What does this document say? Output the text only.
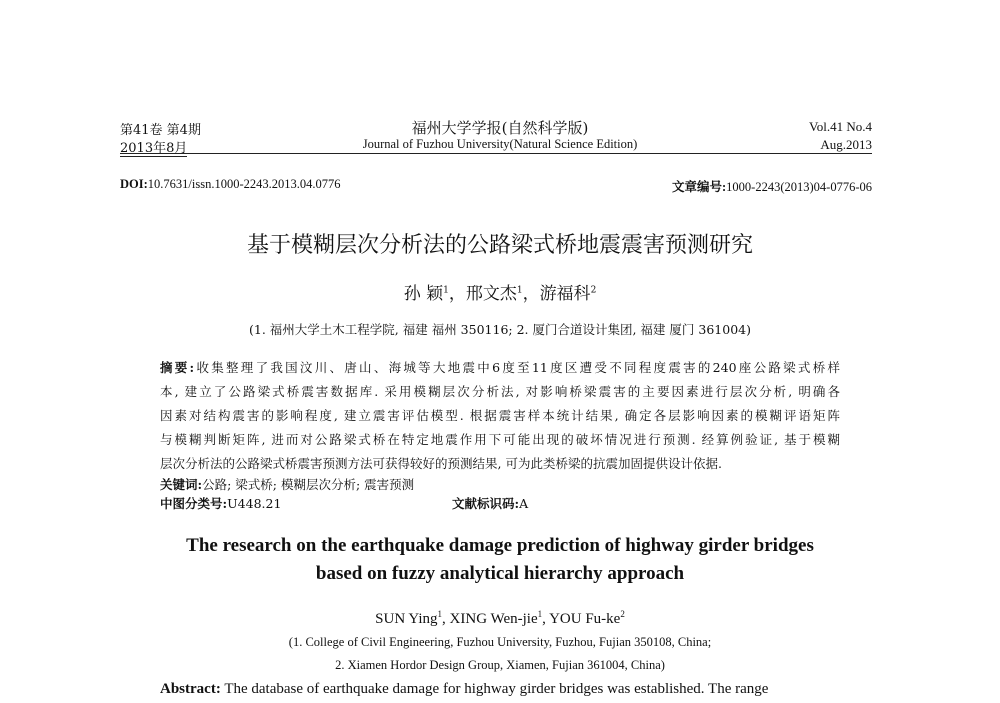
第41卷 第4期
2013年8月
福州大学学报(自然科学版)
Journal of Fuzhou University(Natural Science Edition)
Vol.41 No.4
Aug.2013
DOI:10.7631/issn.1000-2243.2013.04.0776	文章编号:1000-2243(2013)04-0776-06
基于模糊层次分析法的公路梁式桥地震震害预测研究
孙 颖$^1$，邢文杰$^1$，游福科$^2$
(1. 福州大学土木工程学院, 福建 福州 350116; 2. 厦门合道设计集团, 福建 厦门 361004)
摘要:收集整理了我国汶川、唐山、海城等大地震中6度至11度区遭受不同程度震害的240座公路梁式桥样
本, 建立了公路梁式桥震害数据库. 采用模糊层次分析法, 对影响桥梁震害的主要因素进行层次分析, 明确各
因素对结构震害的影响程度, 建立震害评估模型. 根据震害样本统计结果, 确定各层影响因素的模糊评语矩阵
与模糊判断矩阵, 进而对公路梁式桥在特定地震作用下可能出现的破坏情况进行预测. 经算例验证, 基于模糊
层次分析法的公路梁式桥震害预测方法可获得较好的预测结果, 可为此类桥梁的抗震加固提供设计依据.
关键词:公路; 梁式桥; 模糊层次分析; 震害预测
中图分类号:U448.21	文献标识码:A
The research on the earthquake damage prediction of highway girder bridges
based on fuzzy analytical hierarchy approach
SUN Ying$^1$, XING Wen-jie$^1$, YOU $Fu-ke^2$
(1. College of Civil Engineering, Fuzhou University, Fuzhou, Fujian 350108, China;
2. Xiamen Hordor Design Group, Xiamen, Fujian 361004, China)
Abstract: The database of earthquake damage for highway girder bridges was established. The range
